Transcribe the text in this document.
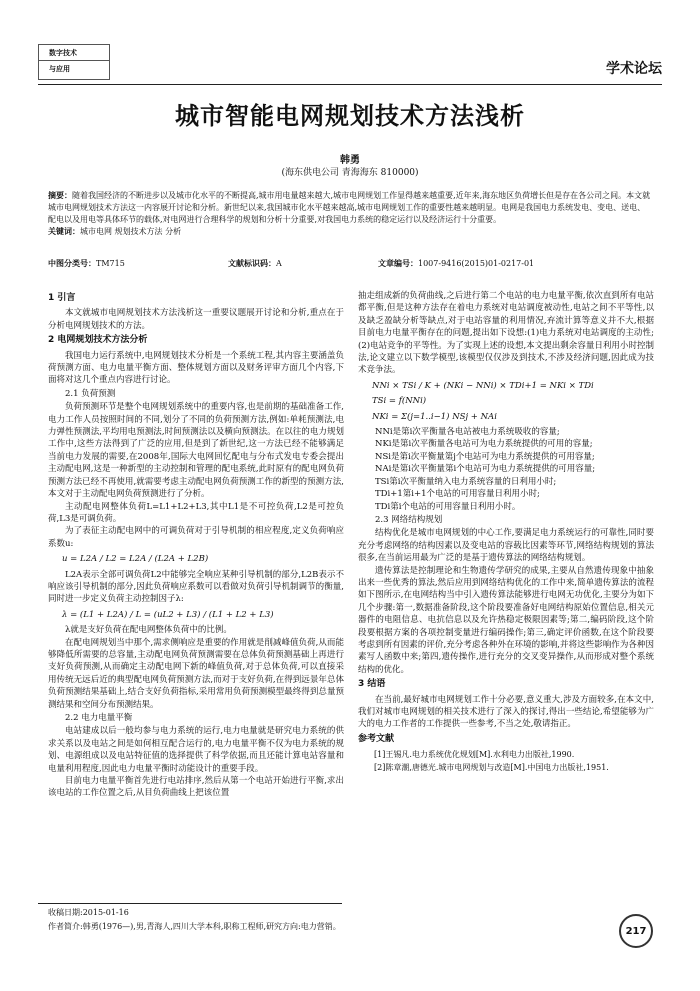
数字技术
与应用	学术论坛
城市智能电网规划技术方法浅析
韩勇
(海东供电公司 青海海东 810000)
摘要：随着我国经济的不断进步以及城市化水平的不断提高,城市用电量越来越大,城市电网规划工作显得越来越重要,近年来,海东地区负荷增长但是存在各公司之间。本文就城市电网规划技术方法这一内容展开讨论和分析。新世纪以来,我国城市化水平越来越高,城市电网规划工作的重要性越来越明显。电网是我国电力系统发电、变电、送电、配电以及用电等具体环节的载体,对电网进行合理科学的规划和分析十分重要,对我国电力系统的稳定运行以及经济运行十分重要。
关键词：城市电网 规划技术方法 分析
中图分类号：TM715	文献标识码：A	文章编号：1007-9416(2015)01-0217-01
1 引言

本文就城市电网规划技术方法浅析这一重要议题展开讨论和分析,重点在于分析电网规划技术的方法。

2 电网规划技术方法分析

我国电力运行系统中,电网规划技术分析是一个系统工程,其内容主要涵盖负荷预测方面、电力电量平衡方面、整体规划方面以及财务评审方面几个内容,下面将对这几个重点内容进行讨论。

2.1 负荷预测

负荷预测环节是整个电网规划系统中的重要内容,也是前期的基础准备工作,电力工作人员按照时间的不同,划分了不同的负荷预测方法,例如:单耗预测法,电力弹性预测法,平均用电预测法,时间预测法以及横向预测法。在以往的电力规划工作中,这些方法得到了广泛的应用,但是到了新世纪,这一方法已经不能够满足当前电力发展的需要,在2008年,国际大电网回忆配电与分布式发电专委会提出主动配电网,这是一种新型的主动控制和管理的配电系统,此时原有的配电网负荷预测方法已经不再使用,就需要考虑主动配电网负荷预测工作的新型的预测方法,本文对于主动配电网负荷预测进行了分析。

主动配电网整体负荷L=L1+L2+L3,其中L1是不可控负荷,L2是可控负荷,L3是可调负荷。

为了表征主动配电网中的可调负荷对于引导机制的相应程度,定义负荷响应系数u:

u = L2A / L2 = L2A / (L2A + L2B)

L2A表示全部可调负荷L2中能够完全响应某种引导机制的部分,L2B表示不响应该引导机制的部分,因此负荷响应系数可以看做对负荷引导机制调节的衡量,同时进一步定义负荷主动控制因子λ:

λ = (L1 + L2A) / L = (uL2 + L3) / (L1 + L2 + L3)

λ就是支好负荷在配电网整体负荷中的比例。

在配电网规划当中那个,需求侧响应是重要的作用就是削减峰值负荷,从而能够降低所需要的总容量,主动配电网负荷预测需要在总体负荷预测基础上再进行支好负荷预测,从而确定主动配电网下新的峰值负荷,对于总体负荷,可以直接采用传统无远后近的典型配电网负荷预测方法,而对于支好负荷,在得到远景年总体负荷预测结果基础上,结合支好负荷指标,采用常用负荷预测模型最终得到总量预测结果和空间分布预测结果。

2.2 电力电量平衡

电站建成以后一般均参与电力系统的运行,电力电量就是研究电力系统的供求关系以及电站之间是如何相互配合运行的,电力电量平衡不仅为电力系统的规划、电源组成以及电站特征值的选择提供了科学依据,而且还能计算电站容量和电量利用程度,因此电力电量平衡时动能设计的重要手段。

目前电力电量平衡首先进行电站排序,然后从第一个电站开始进行平衡,求出该电站的工作位置之后,从目负荷曲线上把该位置

抽走组成新的负荷曲线,之后进行第二个电站的电力电量平衡,依次直到所有电站都平衡,但是这种方法存在着电力系统对电站调度被动性,电站之间不平等性,以及缺乏盈缺分析等缺点,对于电站容量的利用情况,弃流计算等意义并不大,根据目前电力电量平衡存在的问题,提出如下设想:(1)电力系统对电站调度的主动性;(2)电站竞争的平等性。为了实现上述的设想,本文提出剩余容量日利用小时控制法,论文建立以下数学模型,该模型仅仅涉及到技术,不涉及经济问题,因此成为技术竞争法。

NNi × TSi / K + (NKi − NNi) × TDi+1 = NKi × TDi
TSi = f(NNi)
NKi = Σ(j=1..i−1) NSj + NAi

NNi是第i次平衡量各电站被电力系统吸收的容量;

NKi是第i次平衡量各电站可为电力系统提供的可用的容量;

NSi是第i次平衡量第j个电站可为电力系统提供的可用容量;

NAi是第i次平衡量第i个电站可为电力系统提供的可用容量;

TSi第i次平衡量纳入电力系统容量的日利用小时;

TDi+1第i+1个电站的可用容量日利用小时;

TDi第i个电站的可用容量日利用小时。

2.3 网络结构规划

结构优化是城市电网规划的中心工作,要满足电力系统运行的可靠性,同时要充分考虑网络的结构因素以及变电站的容载比因素等环节,网络结构规划的算法很多,在当前运用最为广泛的是基于遗传算法的网络结构规划。

遗传算法是控制理论和生物遗传学研究的成果,主要从自然遗传现象中抽象出来一些优秀的算法,然后应用到网络结构优化的工作中来,简单遗传算法的流程如下图所示,在电网结构当中引入遗传算法能够进行电网无功优化,主要分为如下几个步骤:第一,数据准备阶段,这个阶段要准备好电网结构原始位置信息,相关元器件的电阻信息、电抗信息以及允许热稳定极限因素等;第二,编码阶段,这个阶段要根据方案的各项控制变量进行编码操作;第三,确定评价函数,在这个阶段要考虑到所有因素的评价,充分考虑各种外在环境的影响,并将这些影响作为各种因素写人函数中来;第四,遗传操作,进行充分的交叉变异操作,从而形成对整个系统结构的优化。

3 结语

在当前,最好城市电网规划工作十分必要,意义重大,涉及方面较多,在本文中,我们对城市电网规划的相关技术进行了深入的探讨,得出一些结论,希望能够为广大的电力工作者的工作提供一些参考,不当之处,敬请指正。

参考文献

[1]王锡凡.电力系统优化规划[M].水利电力出版社,1990.

[2]陈章潮,唐德光.城市电网规划与改造[M].中国电力出版社,1951.

收稿日期:2015-01-16
作者简介:韩勇(1976—),男,青海人,四川大学本科,职称工程师,研究方向:电力营销。	217
